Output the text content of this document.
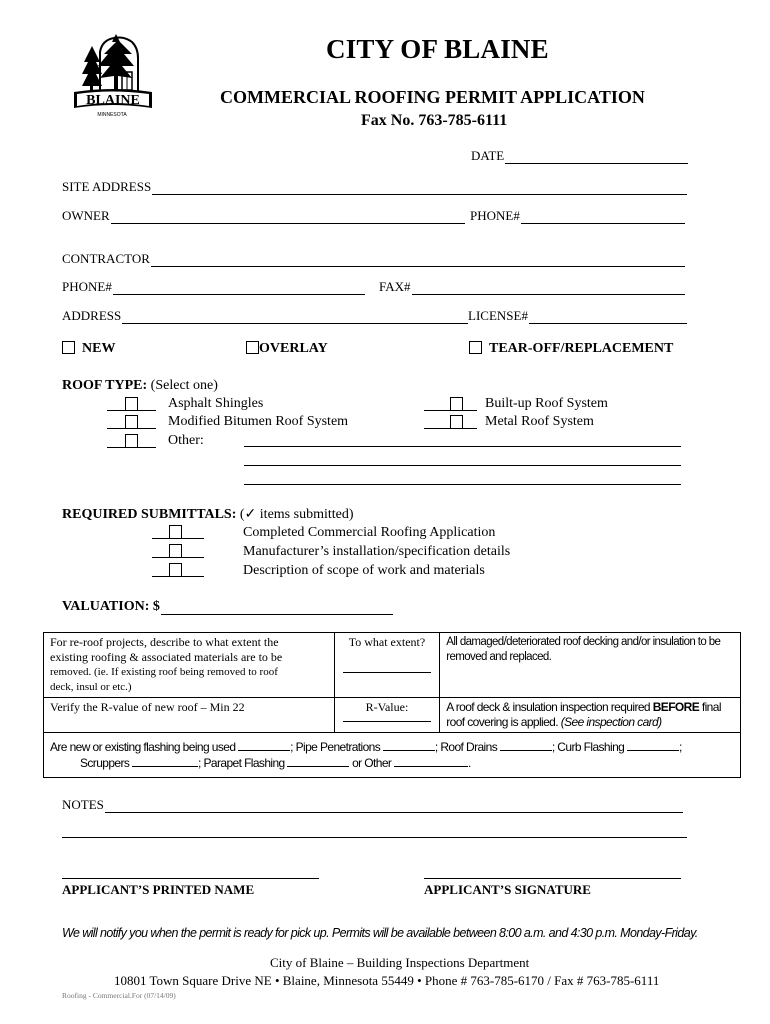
BLAINE
MINNESOTA
CITY OF BLAINE
COMMERCIAL ROOFING PERMIT APPLICATION
Fax No. 763-785-6111
DATE
SITE ADDRESS
OWNER	PHONE#
CONTRACTOR
PHONE#	FAX#
ADDRESS	LICENSE#
NEW	OVERLAY	TEAR-OFF/REPLACEMENT
ROOF TYPE: (Select one)
Asphalt Shingles
Modified Bitumen Roof System
Other:
Built-up Roof System
Metal Roof System
REQUIRED SUBMITTALS: (✓ items submitted)
Completed Commercial Roofing Application
Manufacturer’s installation/specification details
Description of scope of work and materials
VALUATION: $
For re-roof projects, describe to what extent the
existing roofing & associated materials are to be
removed. (ie. If existing roof being removed to roof
deck, insul or etc.)	To what extent?	All damaged/deteriorated roof decking and/or insulation to be removed and replaced.
Verify the R-value of new roof – Min 22	R-Value:	A roof deck & insulation inspection required BEFORE final roof covering is applied. (See inspection card)

Are new or existing flashing being used ; Pipe Penetrations ; Roof Drains ; Curb Flashing ;
Scruppers ; Parapet Flashing or Other .		
NOTES
APPLICANT’S PRINTED NAME	APPLICANT’S SIGNATURE
We will notify you when the permit is ready for pick up. Permits will be available between 8:00 a.m. and 4:30 p.m. Monday-Friday.
City of Blaine – Building Inspections Department
10801 Town Square Drive NE • Blaine, Minnesota 55449 • Phone # 763-785-6170 / Fax # 763-785-6111
Roofing - Commercial.For (07/14/09)
